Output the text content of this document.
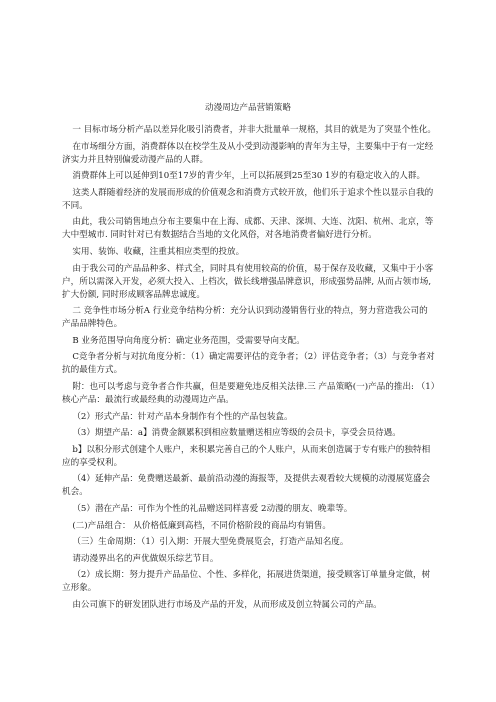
动漫周边产品营销策略

一 目标市场分析产品以差异化吸引消费者，并非大批量单一规格，其目的就是为了突显个性化。

在市场细分方面，消费群体以在校学生及从小受到动漫影响的青年为主导，主要集中于有一定经济实力并且特别偏爱动漫产品的人群。

消费群体上可以延伸到10至17岁的青少年，上可以拓展到25至30 1岁的有稳定收入的人群。

这类人群随着经济的发展而形成的价值观念和消费方式较开放，他们乐于追求个性以显示自我的不同。

由此，我公司销售地点分布主要集中在上海、成都、天津、深圳、大连、沈阳、杭州、北京，等大中型城市. 同时针对已有数据结合当地的文化风俗，对各地消费者偏好进行分析。

实用、装饰、收藏，注重其相应类型的投放。

由于我公司的产品品种多、样式全，同时具有使用较高的价值，易于保存及收藏，又集中于小客户，所以需深入开发，必须大投入、上档次，做长线增强品牌意识，形成强势品牌, 从而占领市场, 扩大份额, 同时形成顾客品牌忠诚度。

二 竞争性市场分析A 行业竞争结构分析：充分认识到动漫销售行业的特点，努力营造我公司的产品品牌特色。

B 业务范围导向角度分析：确定业务范围，受需要导向支配。

C竞争者分析与对抗角度分析：（1）确定需要评估的竞争者；（2）评估竞争者；（3）与竞争者对抗的最佳方式。

附：也可以考虑与竞争者合作共赢，但是要避免违反相关法律.三 产品策略(一)产品的推出: （1）核心产品：最流行或最经典的动漫周边产品。

（2）形式产品：针对产品本身制作有个性的产品包装盒。

（3）期望产品：a】消费金额累积到相应数量赠送相应等级的会员卡，享受会员待遇。

b】以积分形式创建个人账户，来积累完善自己的个人账户，从而来创造属于专有账户的独特相应的享受权利。

（4）延伸产品：免费赠送最新、最前沿动漫的海报等，及提供去观看较大规模的动漫展览盛会机会。

（5）潜在产品：可作为个性的礼品赠送同样喜爱 2动漫的朋友、晚辈等。

(二)产品组合： 从价格低廉到高档，不同价格阶段的商品均有销售。

（三）生命周期：（1）引入期：开展大型免费展览会，打造产品知名度。

请动漫界出名的声优做娱乐综艺节目。

（2）成长期：努力提升产品品位、个性、多样化，拓展进货渠道，接受顾客订单量身定做，树立形象。

由公司旗下的研发团队进行市场及产品的开发，从而形成及创立特属公司的产品。
